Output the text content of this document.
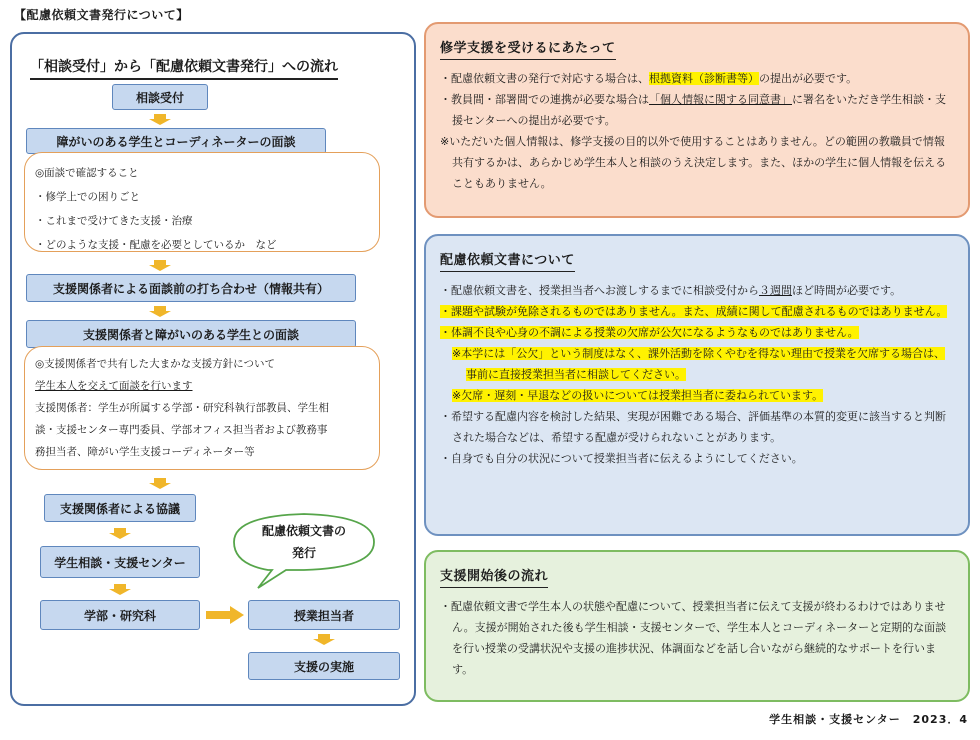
【配慮依頼文書発行について】
「相談受付」から「配慮依頼文書発行」への流れ
相談受付
障がいのある学生とコーディネーターの面談
◎面談で確認すること
・修学上での困りごと
・これまで受けてきた支援・治療
・どのような支援・配慮を必要としているか　など
支援関係者による面談前の打ち合わせ（情報共有）
支援関係者と障がいのある学生との面談
◎支援関係者で共有した大まかな支援方針について
学生本人を交えて面談を行います
支援関係者：学生が所属する学部・研究科執行部教員、学生相
談・支援センター専門委員、学部オフィス担当者および教務事
務担当者、障がい学生支援コーディネーター等
支援関係者による協議
学生相談・支援センター
学部・研究科	授業担当者
支援の実施
配慮依頼文書の
発行
修学支援を受けるにあたって

・配慮依頼文書の発行で対応する場合は、根拠資料（診断書等）の提出が必要です。

・教員間・部署間での連携が必要な場合は「個人情報に関する同意書」に署名をいただき学生相談・支援センターへの提出が必要です。

※いただいた個人情報は、修学支援の目的以外で使用することはありません。どの範囲の教職員で情報共有するかは、あらかじめ学生本人と相談のうえ決定します。また、ほかの学生に個人情報を伝えることもありません。

配慮依頼文書について

・配慮依頼文書を、授業担当者へお渡しするまでに相談受付から３週間ほど時間が必要です。

・課題や試験が免除されるものではありません。また、成績に関して配慮されるものではありません。

・体調不良や心身の不調による授業の欠席が公欠になるようなものではありません。

※本学には「公欠」という制度はなく、課外活動を除くやむを得ない理由で授業を欠席する場合は、事前に直接授業担当者に相談してください。

※欠席・遅刻・早退などの扱いについては授業担当者に委ねられています。

・希望する配慮内容を検討した結果、実現が困難である場合、評価基準の本質的変更に該当すると判断された場合などは、希望する配慮が受けられないことがあります。

・自身でも自分の状況について授業担当者に伝えるようにしてください。

支援開始後の流れ

・配慮依頼文書で学生本人の状態や配慮について、授業担当者に伝えて支援が終わるわけではありません。支援が開始された後も学生相談・支援センターで、学生本人とコーディネーターと定期的な面談を行い授業の受講状況や支援の進捗状況、体調面などを話し合いながら継続的なサポートを行います。

学生相談・支援センター　2023．4
